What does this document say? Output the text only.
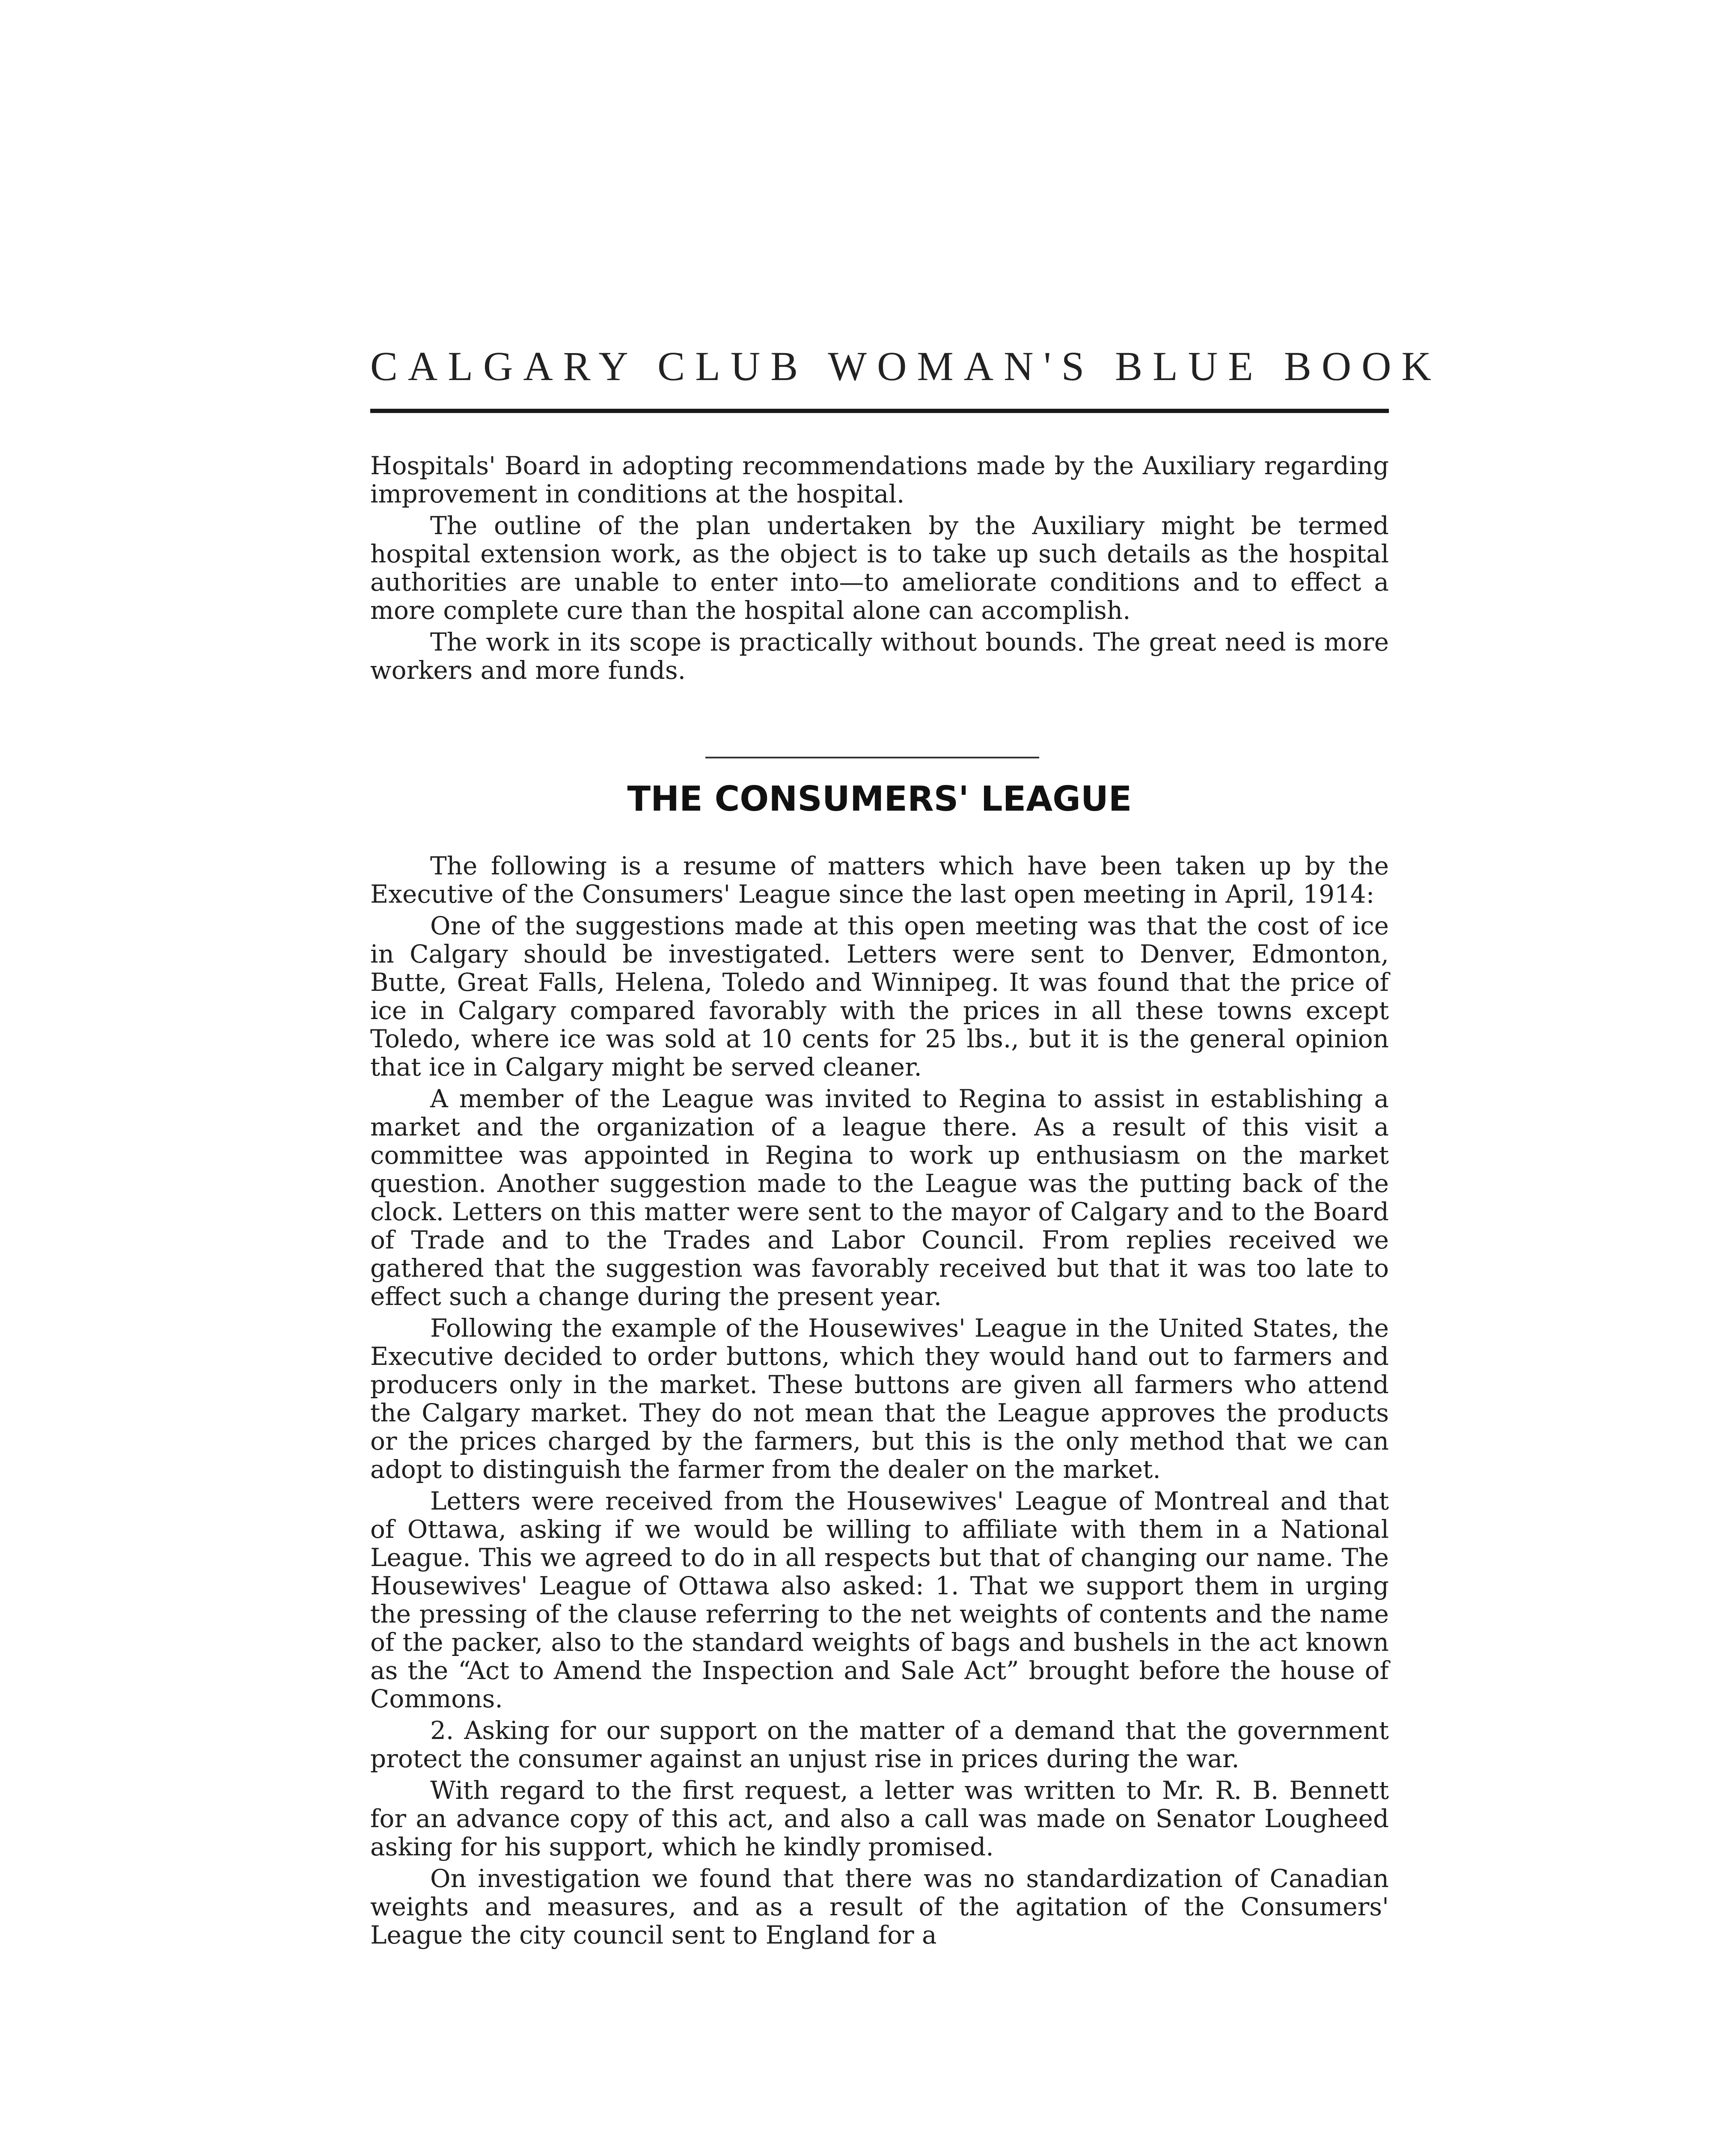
CALGARY CLUB WOMAN'S BLUE BOOK

Hospitals' Board in adopting recommendations made by the Auxiliary regarding improvement in conditions at the hospital.

The outline of the plan undertaken by the Auxiliary might be termed hospital extension work, as the object is to take up such details as the hospital authorities are unable to enter into—to ameliorate conditions and to effect a more complete cure than the hospital alone can accomplish.

The work in its scope is practically without bounds. The great need is more workers and more funds.

THE CONSUMERS' LEAGUE

The following is a resume of matters which have been taken up by the Executive of the Consumers' League since the last open meeting in April, 1914:

One of the suggestions made at this open meeting was that the cost of ice in Calgary should be investigated. Letters were sent to Denver, Edmonton, Butte, Great Falls, Helena, Toledo and Winnipeg. It was found that the price of ice in Calgary compared favorably with the prices in all these towns except Toledo, where ice was sold at 10 cents for 25 lbs., but it is the general opinion that ice in Calgary might be served cleaner.

A member of the League was invited to Regina to assist in establishing a market and the organization of a league there. As a result of this visit a committee was appointed in Regina to work up enthusiasm on the market question. Another suggestion made to the League was the putting back of the clock. Letters on this matter were sent to the mayor of Calgary and to the Board of Trade and to the Trades and Labor Council. From replies received we gathered that the suggestion was favorably received but that it was too late to effect such a change during the present year.

Following the example of the Housewives' League in the United States, the Executive decided to order buttons, which they would hand out to farmers and producers only in the market. These buttons are given all farmers who attend the Calgary market. They do not mean that the League approves the products or the prices charged by the farmers, but this is the only method that we can adopt to distinguish the farmer from the dealer on the market.

Letters were received from the Housewives' League of Montreal and that of Ottawa, asking if we would be willing to affiliate with them in a National League. This we agreed to do in all respects but that of changing our name. The Housewives' League of Ottawa also asked: 1. That we support them in urging the pressing of the clause referring to the net weights of contents and the name of the packer, also to the standard weights of bags and bushels in the act known as the “Act to Amend the Inspection and Sale Act” brought before the house of Commons.

2. Asking for our support on the matter of a demand that the government protect the consumer against an unjust rise in prices during the war.

With regard to the first request, a letter was written to Mr. R. B. Bennett for an advance copy of this act, and also a call was made on Senator Lougheed asking for his support, which he kindly promised.

On investigation we found that there was no standardization of Canadian weights and measures, and as a result of the agitation of the Consumers' League the city council sent to England for a
